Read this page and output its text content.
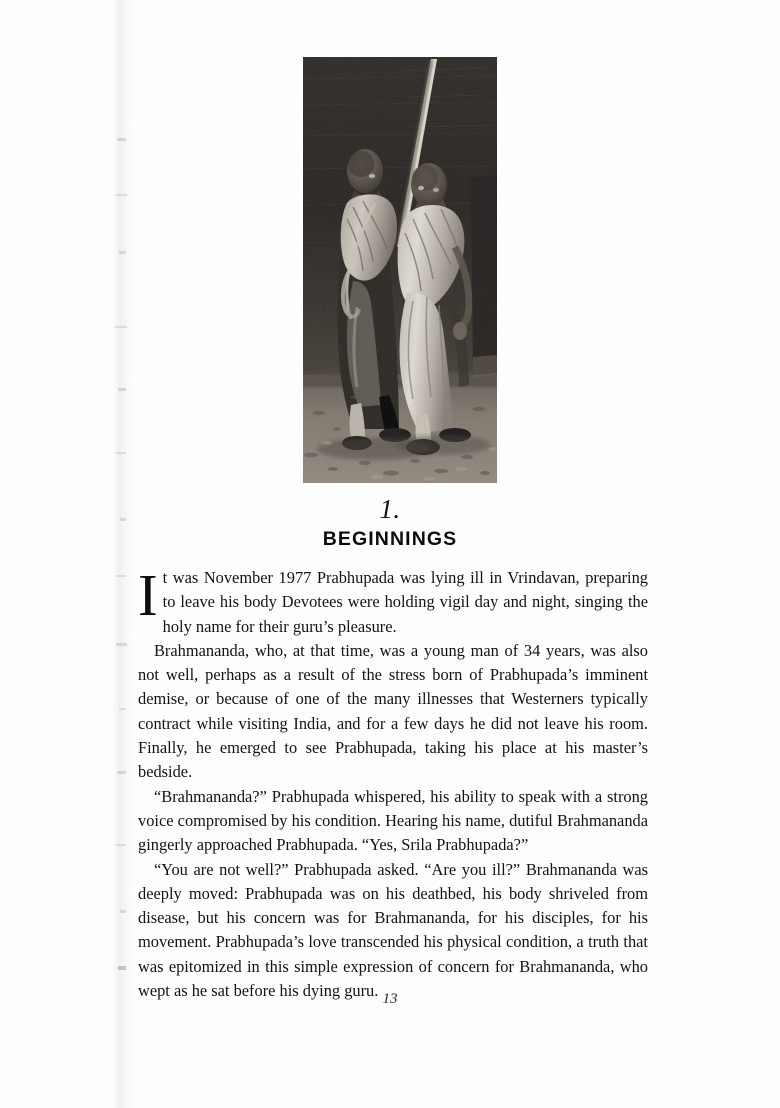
1.
BEGINNINGS

It was November 1977 Prabhupada was lying ill in Vrindavan, preparing to leave his body Devotees were holding vigil day and night, singing the holy name for their guru’s pleasure.

Brahmananda, who, at that time, was a young man of 34 years, was also not well, perhaps as a result of the stress born of Prabhupada’s imminent demise, or because of one of the many illnesses that Westerners typically contract while visiting India, and for a few days he did not leave his room. Finally, he emerged to see Prabhupada, taking his place at his master’s bedside.

“Brahmananda?” Prabhupada whispered, his ability to speak with a strong voice compromised by his condition. Hearing his name, dutiful Brahmananda gingerly approached Prabhupada. “Yes, Srila Prabhupada?”

“You are not well?” Prabhupada asked. “Are you ill?” Brahmananda was deeply moved: Prabhupada was on his deathbed, his body shriveled from disease, but his concern was for Brahmananda, for his disciples, for his movement. Prabhupada’s love transcended his physical condition, a truth that was epitomized in this simple expression of concern for Brahmananda, who wept as he sat before his dying guru. 13
